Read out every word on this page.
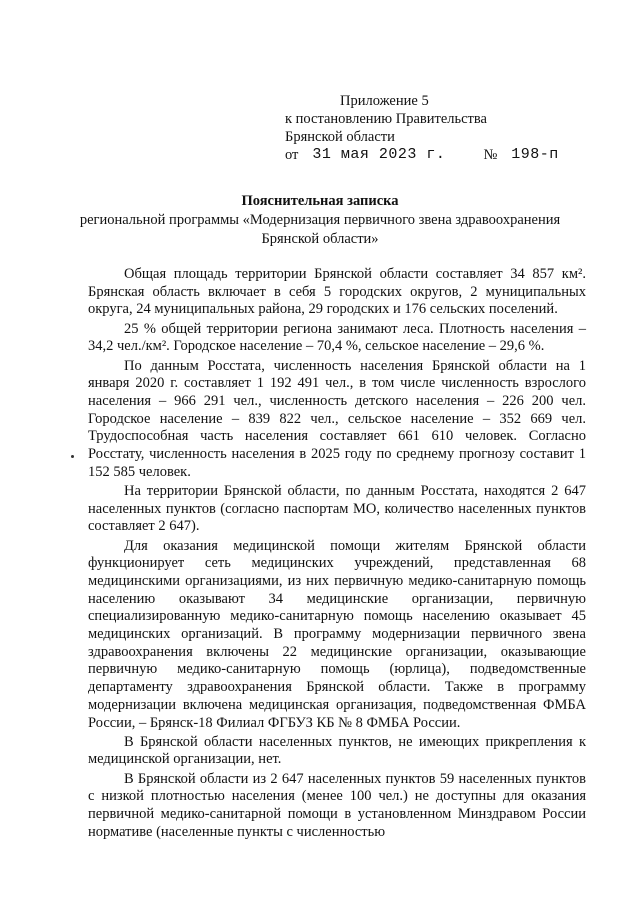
Приложение 5
к постановлению Правительства
Брянской области
от 31 мая 2023 г.	№ 198-п
Пояснительная записка
региональной программы «Модернизация первичного звена здравоохранения
Брянской области»

Общая площадь территории Брянской области составляет 34 857 км². Брянская область включает в себя 5 городских округов, 2 муниципальных округа, 24 муниципальных района, 29 городских и 176 сельских поселений.

25 % общей территории региона занимают леса. Плотность населения – 34,2 чел./км². Городское население – 70,4 %, сельское население – 29,6 %.

По данным Росстата, численность населения Брянской области на 1 января 2020 г. составляет 1 192 491 чел., в том числе численность взрослого населения – 966 291 чел., численность детского населения – 226 200 чел. Городское население – 839 822 чел., сельское население – 352 669 чел. Трудоспособная часть населения составляет 661 610 человек. Согласно Росстату, численность населения в 2025 году по среднему прогнозу составит 1 152 585 человек.

На территории Брянской области, по данным Росстата, находятся 2 647 населенных пунктов (согласно паспортам МО, количество населенных пунктов составляет 2 647).

Для оказания медицинской помощи жителям Брянской области функционирует сеть медицинских учреждений, представленная 68 медицинскими организациями, из них первичную медико-санитарную помощь населению оказывают 34 медицинские организации, первичную специализированную медико-санитарную помощь населению оказывает 45 медицинских организаций. В программу модернизации первичного звена здравоохранения включены 22 медицинские организации, оказывающие первичную медико-санитарную помощь (юрлица), подведомственные департаменту здравоохранения Брянской области. Также в программу модернизации включена медицинская организация, подведомственная ФМБА России, – Брянск-18 Филиал ФГБУЗ КБ № 8 ФМБА России.

В Брянской области населенных пунктов, не имеющих прикрепления к медицинской организации, нет.

В Брянской области из 2 647 населенных пунктов 59 населенных пунктов с низкой плотностью населения (менее 100 чел.) не доступны для оказания первичной медико-санитарной помощи в установленном Минздравом России нормативе (населенные пункты с численностью
